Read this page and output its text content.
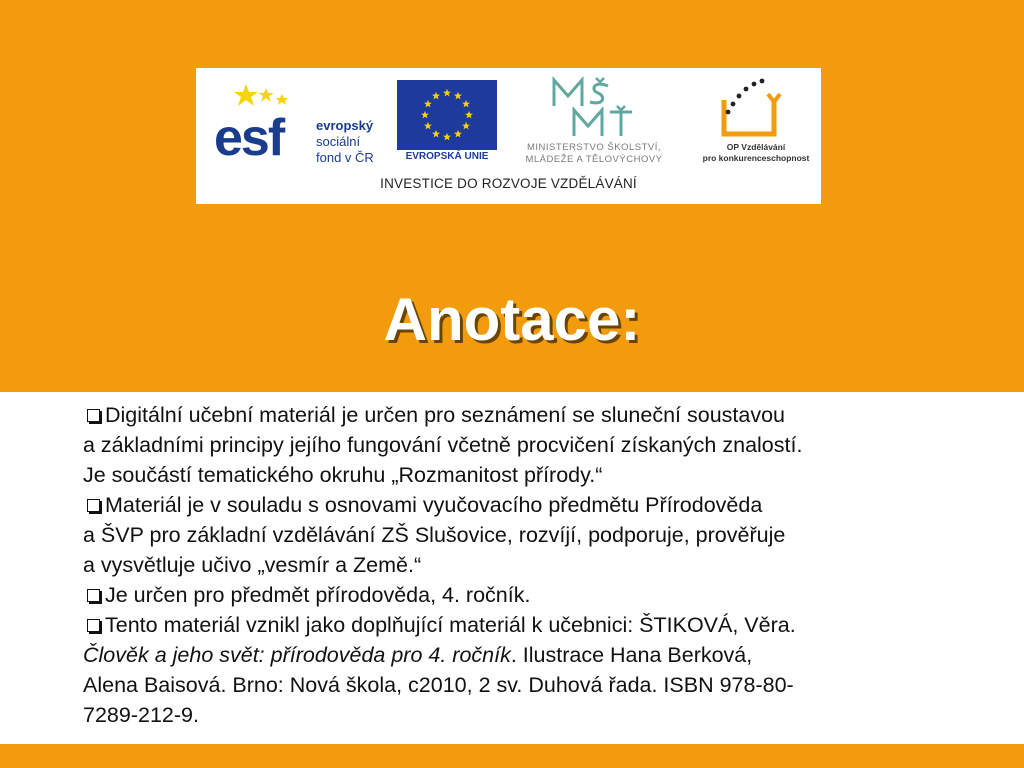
esf	evropský
sociální
fond v ČR	EVROPSKÁ UNIE
MINISTERSTVO ŠKOLSTVÍ,
MLÁDEŽE A TĚLOVÝCHOVY
OP Vzdělávání
pro konkurenceschopnost
INVESTICE DO ROZVOJE VZDĚLÁVÁNÍ
Anotace:

Digitální učební materiál je určen pro seznámení se sluneční soustavou
a základními principy jejího fungování včetně procvičení získaných znalostí.
Je součástí tematického okruhu „Rozmanitost přírody.“

Materiál je v souladu s osnovami vyučovacího předmětu Přírodověda
a ŠVP pro základní vzdělávání ZŠ Slušovice, rozvíjí, podporuje, prověřuje
a vysvětluje učivo „vesmír a Země.“

Je určen pro předmět přírodověda, 4. ročník.

Tento materiál vznikl jako doplňující materiál k učebnici: ŠTIKOVÁ, Věra.
Člověk a jeho svět: přírodověda pro 4. ročník. Ilustrace Hana Berková,
Alena Baisová. Brno: Nová škola, c2010, 2 sv. Duhová řada. ISBN 978-80-
7289-212-9.
